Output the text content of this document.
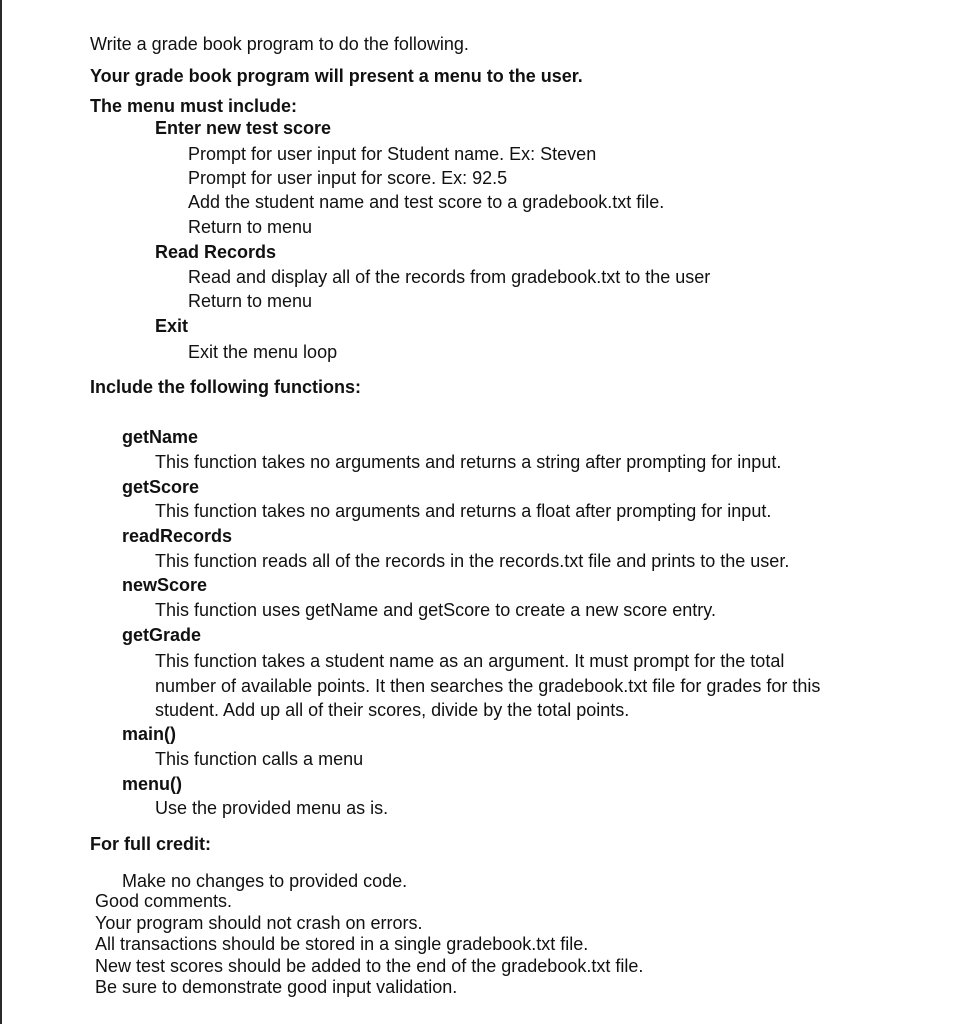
Write a grade book program to do the following.
Your grade book program will present a menu to the user.
The menu must include:
Enter new test score
Prompt for user input for Student name. Ex: Steven
Prompt for user input for score. Ex: 92.5
Add the student name and test score to a gradebook.txt file.
Return to menu
Read Records
Read and display all of the records from gradebook.txt to the user
Return to menu
Exit
Exit the menu loop
Include the following functions:
getName
This function takes no arguments and returns a string after prompting for input.
getScore
This function takes no arguments and returns a float after prompting for input.
readRecords
This function reads all of the records in the records.txt file and prints to the user.
newScore
This function uses getName and getScore to create a new score entry.
getGrade
This function takes a student name as an argument. It must prompt for the total
number of available points. It then searches the gradebook.txt file for grades for this
student. Add up all of their scores, divide by the total points.
main()
This function calls a menu
menu()
Use the provided menu as is.
For full credit:
Make no changes to provided code.
Good comments.
Your program should not crash on errors.
All transactions should be stored in a single gradebook.txt file.
New test scores should be added to the end of the gradebook.txt file.
Be sure to demonstrate good input validation.
